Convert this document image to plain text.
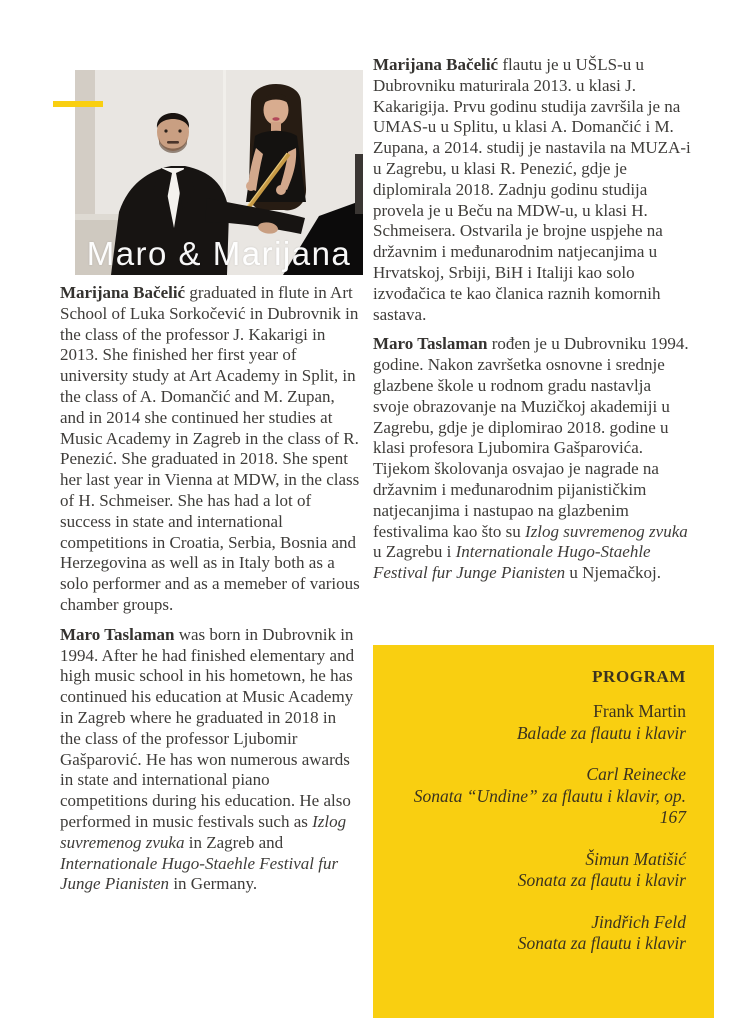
Maro & Marijana

Marijana Bačelić graduated in flute in Art School of Luka Sorkočević in Dubrovnik in the class of the professor J. Kakarigi in 2013. She finished her first year of university study at Art Academy in Split, in the class of A. Domančić and M. Zupan, and in 2014 she continued her studies at Music Academy in Zagreb in the class of R. Penezić. She graduated in 2018. She spent her last year in Vienna at MDW, in the class of H. Schmeiser. She has had a lot of success in state and international competitions in Croatia, Serbia, Bosnia and Herzegovina as well as in Italy both as a solo performer and as a memeber of various chamber groups.

Maro Taslaman was born in Dubrovnik in 1994. After he had finished elementary and high music school in his hometown, he has continued his education at Music Academy in Zagreb where he graduated in 2018 in the class of the professor Ljubomir Gašparović. He has won numerous awards in state and international piano competitions during his education. He also performed in music festivals such as Izlog suvremenog zvuka in Zagreb and Internationale Hugo-Staehle Festival fur Junge Pianisten in Germany.

Marijana Bačelić flautu je u UŠLS-u u Dubrovniku maturirala 2013. u klasi J. Kakarigija. Prvu godinu studija završila je na UMAS-u u Splitu, u klasi A. Domančić i M. Zupana, a 2014. studij je nastavila na MUZA-i u Zagrebu, u klasi R. Penezić, gdje je diplomirala 2018. Zadnju godinu studija provela je u Beču na MDW-u, u klasi H. Schmeisera. Ostvarila je brojne uspjehe na državnim i međunarodnim natjecanjima u Hrvatskoj, Srbiji, BiH i Italiji kao solo izvođačica te kao članica raznih komornih sastava.

Maro Taslaman rođen je u Dubrovniku 1994. godine. Nakon završetka osnovne i srednje glazbene škole u rodnom gradu nastavlja svoje obrazovanje na Muzičkoj akademiji u Zagrebu, gdje je diplomirao 2018. godine u klasi profesora Ljubomira Gašparovića. Tijekom školovanja osvajao je nagrade na državnim i međunarodnim pijanističkim natjecanjima i nastupao na glazbenim festivalima kao što su Izlog suvremenog zvuka u Zagrebu i Internationale Hugo-Staehle Festival fur Junge Pianisten u Njemačkoj.

PROGRAM
Frank Martin
Balade za flautu i klavir
Carl Reinecke
Sonata “Undine” za flautu i klavir, op. 167
Šimun Matišić
Sonata za flautu i klavir
Jindřich Feld
Sonata za flautu i klavir
